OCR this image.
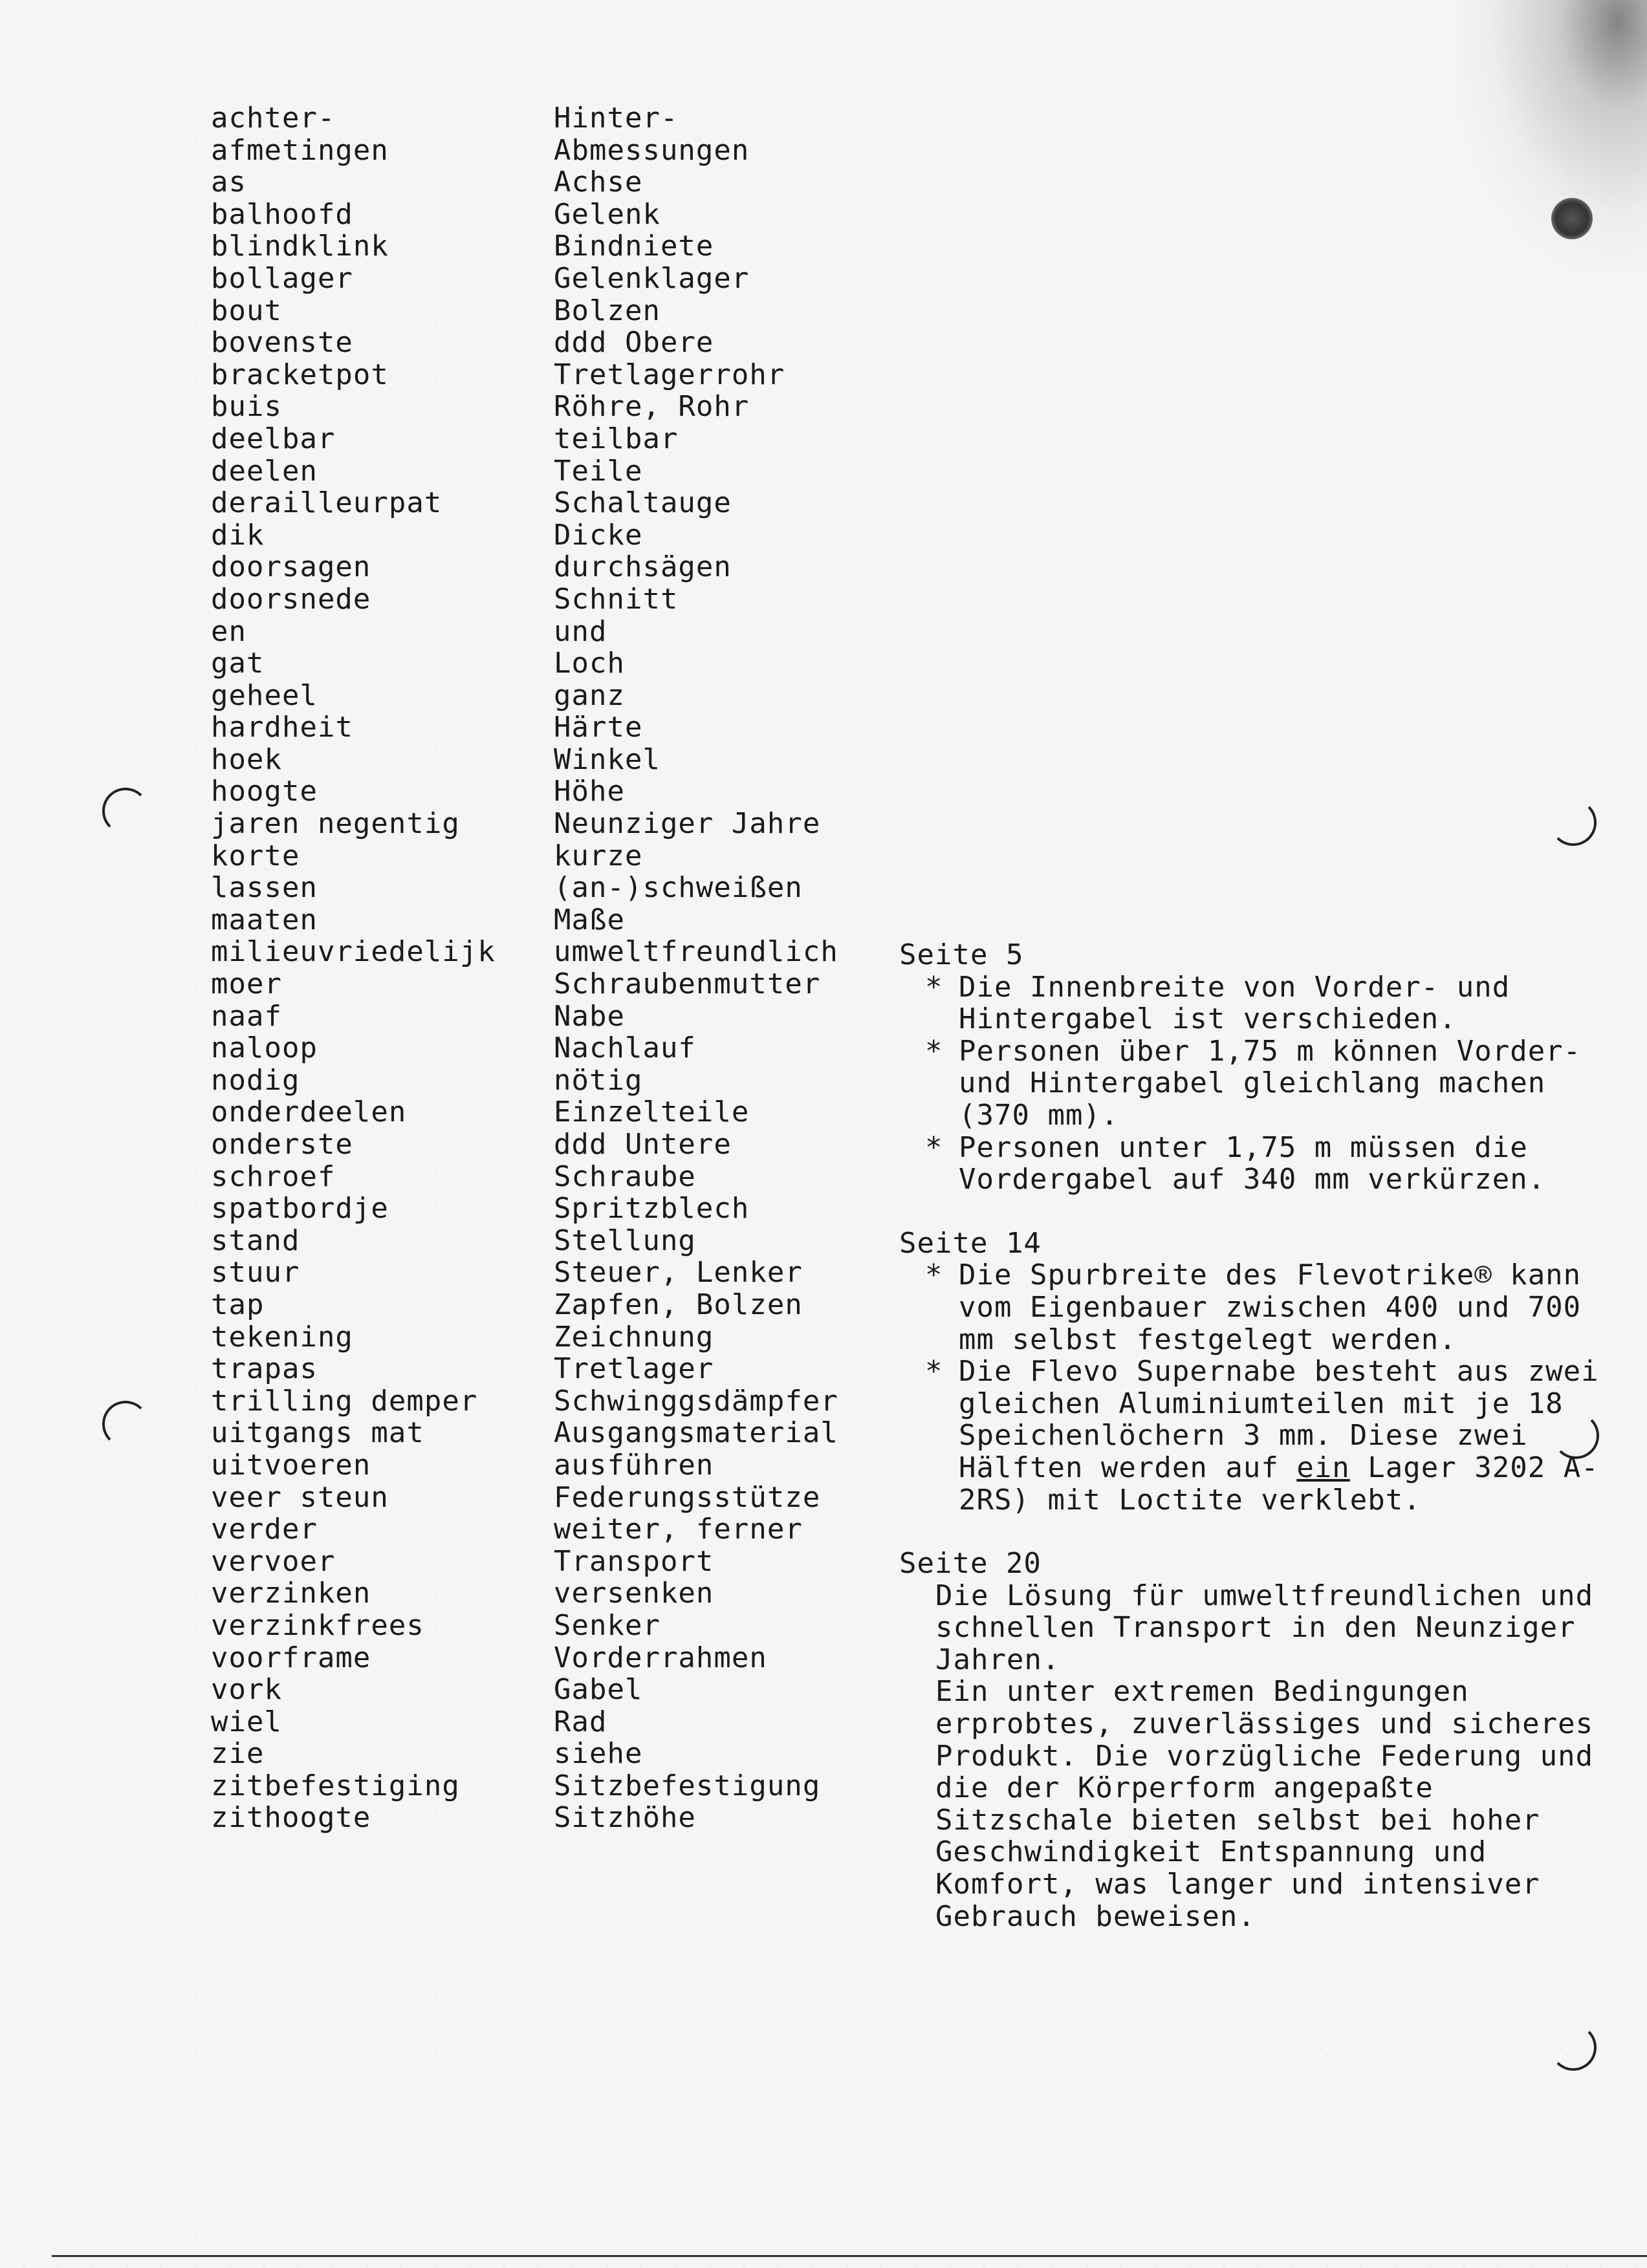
achter-
afmetingen
as
balhoofd
blindklink
bollager
bout
bovenste
bracketpot
buis
deelbar
deelen
derailleurpat
dik
doorsagen
doorsnede
en
gat
geheel
hardheit
hoek
hoogte
jaren negentig
korte
lassen
maaten
milieuvriedelijk
moer
naaf
naloop
nodig
onderdeelen
onderste
schroef
spatbordje
stand
stuur
tap
tekening
trapas
trilling demper
uitgangs mat
uitvoeren
veer steun
verder
vervoer
verzinken
verzinkfrees
voorframe
vork
wiel
zie
zitbefestiging
zithoogte
Hinter-
Abmessungen
Achse
Gelenk
Bindniete
Gelenklager
Bolzen
ddd Obere
Tretlagerrohr
Röhre, Rohr
teilbar
Teile
Schaltauge
Dicke
durchsägen
Schnitt
und
Loch
ganz
Härte
Winkel
Höhe
Neunziger Jahre
kurze
(an-)schweißen
Maße
umweltfreundlich
Schraubenmutter
Nabe
Nachlauf
nötig
Einzelteile
ddd Untere
Schraube
Spritzblech
Stellung
Steuer, Lenker
Zapfen, Bolzen
Zeichnung
Tretlager
Schwinggsdämpfer
Ausgangsmaterial
ausführen
Federungsstütze
weiter, ferner
Transport
versenken
Senker
Vorderrahmen
Gabel
Rad
siehe
Sitzbefestigung
Sitzhöhe
Seite 5
* Die Innenbreite von Vorder- und Hintergabel ist verschieden.
* Personen über 1,75 m können Vorder- und Hintergabel gleichlang machen (370 mm).
* Personen unter 1,75 m müssen die Vordergabel auf 340 mm verkürzen.
Seite 14
* Die Spurbreite des Flevotrike® kann vom Eigenbauer zwischen 400 und 700 mm selbst festgelegt werden.
* Die Flevo Supernabe besteht aus zwei gleichen Aluminiumteilen mit je 18 Speichenlöchern 3 mm. Diese zwei Hälften werden auf ein Lager 3202 A-2RS) mit Loctite verklebt.
Seite 20
Die Lösung für umweltfreundlichen und schnellen Transport in den Neunziger Jahren.
Ein unter extremen Bedingungen erprobtes, zuverlässiges und sicheres Produkt. Die vorzügliche Federung und die der Körperform angepaßte Sitzschale bieten selbst bei hoher Geschwindigkeit Entspannung und Komfort, was langer und intensiver Gebrauch beweisen.
